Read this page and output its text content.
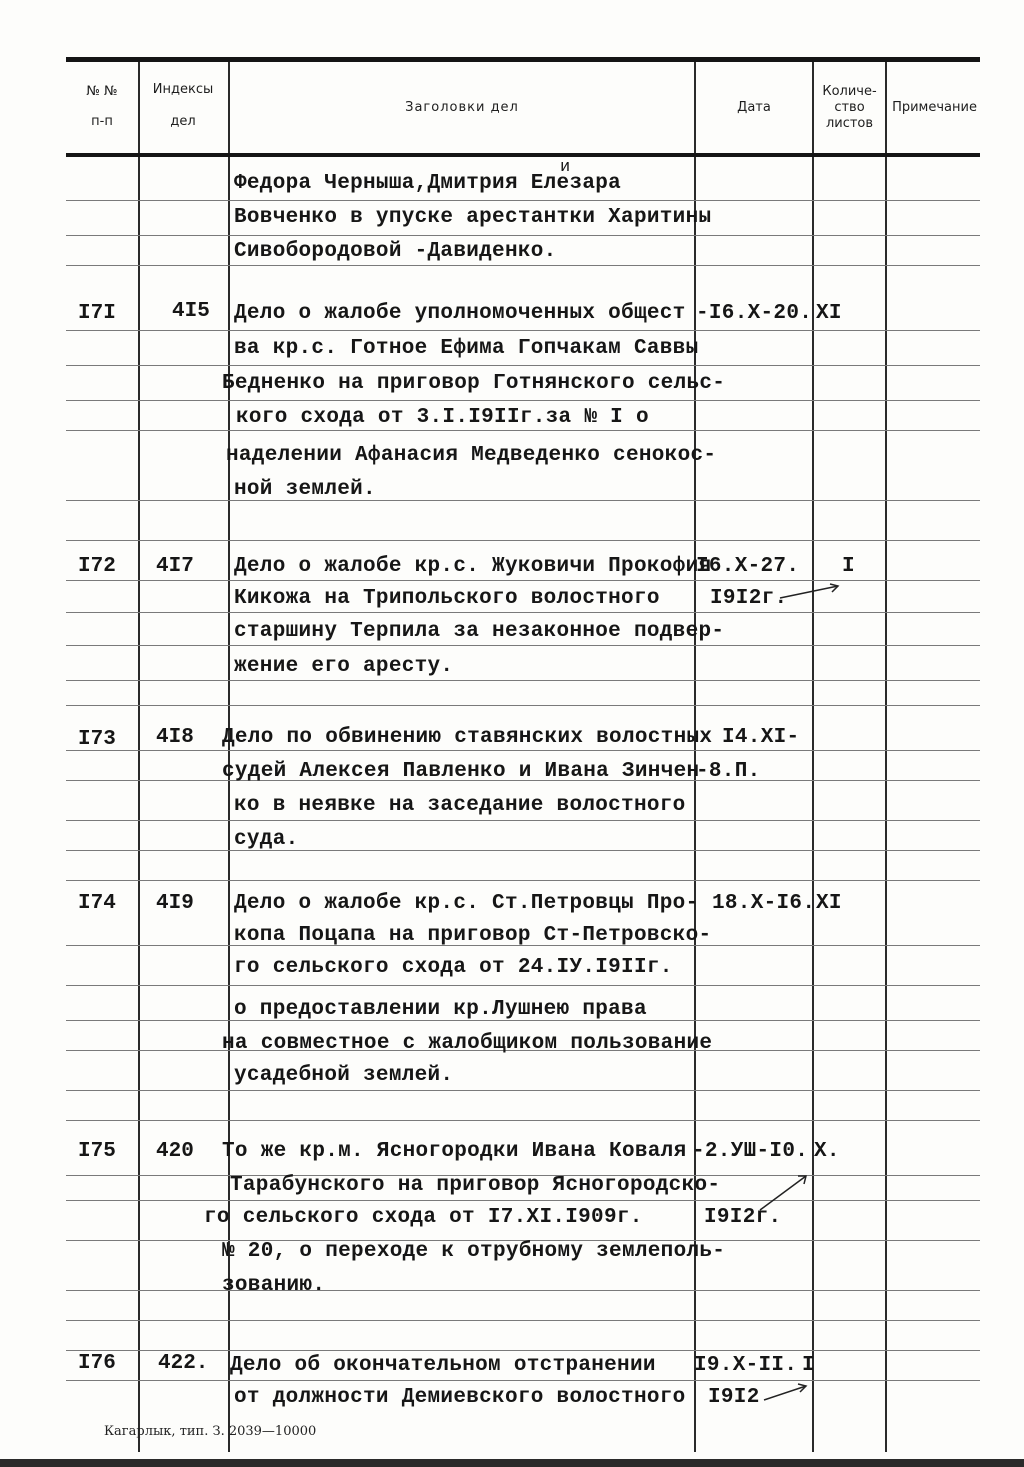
№ №
п-п
Индексы
дел
Заголовки дел	Дата
Количе-
ство
листов
Примечание
Федора Черныша,Дмитрия Елезара
и
Вовченко в упуске арестантки Харитины
Сивобородовой -Давиденко.
I7I	4I5 Дело о жалобе уполномоченных общест
ва кр.с. Готное Ефима Гопчакам Саввы
Бедненко на приговор Готнянского сельс-
кого схода от 3.I.I9IIг.за № I о
наделении Афанасия Медведенко сенокос-
ной землей.
-I6.X-20. XI
I72 4I7 Дело о жалобе кр.с. Жуковичи Прокофия
Кикожа на Трипольского волостного
старшину Терпила за незаконное подвер-
жение его аресту.
I6.X-27.
I9I2г.
I
I73 4I8 Дело по обвинению ставянских волостных
судей Алексея Павленко и Ивана Зинчен
ко в неявке на заседание волостного
суда.
I4.XI-
-8.П.
I74 4I9 Дело о жалобе кр.с. Ст.Петровцы Про-
копа Поцапа на приговор Ст-Петровско-
го сельского схода от 24.IУ.I9IIг.
о предоставлении кр.Лушнею права
на совместное с жалобщиком пользование
усадебной землей.
18.X-I6. XI
I75 420 То же кр.м. Ясногородки Ивана Коваля
Тарабунского на приговор Ясногородско-
го сельского схода от I7.XI.I909г.
№ 20, о переходе к отрубному землеполь-
зованию.
-2.УШ-I0.
I9I2г.
X.
I76 422. Дело об окончательном отстранении
от должности Демиевского волостного
I9.X-II.
I9I2
I
Кагарлык, тип. З. 2039—10000
